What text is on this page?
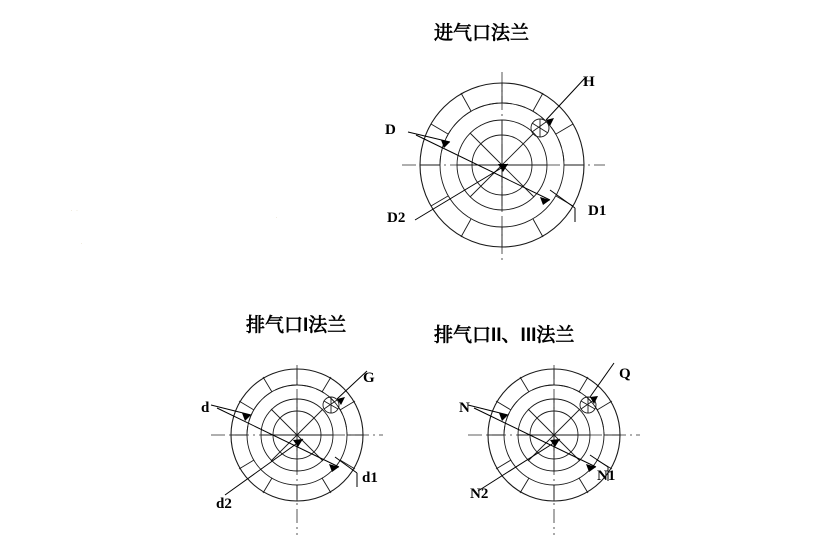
进气口法兰
H
D
D1
D2
排气口I法兰
G
d
d1
d2
排气口II、III法兰
Q
N
N1
N2
· ·
·
·
